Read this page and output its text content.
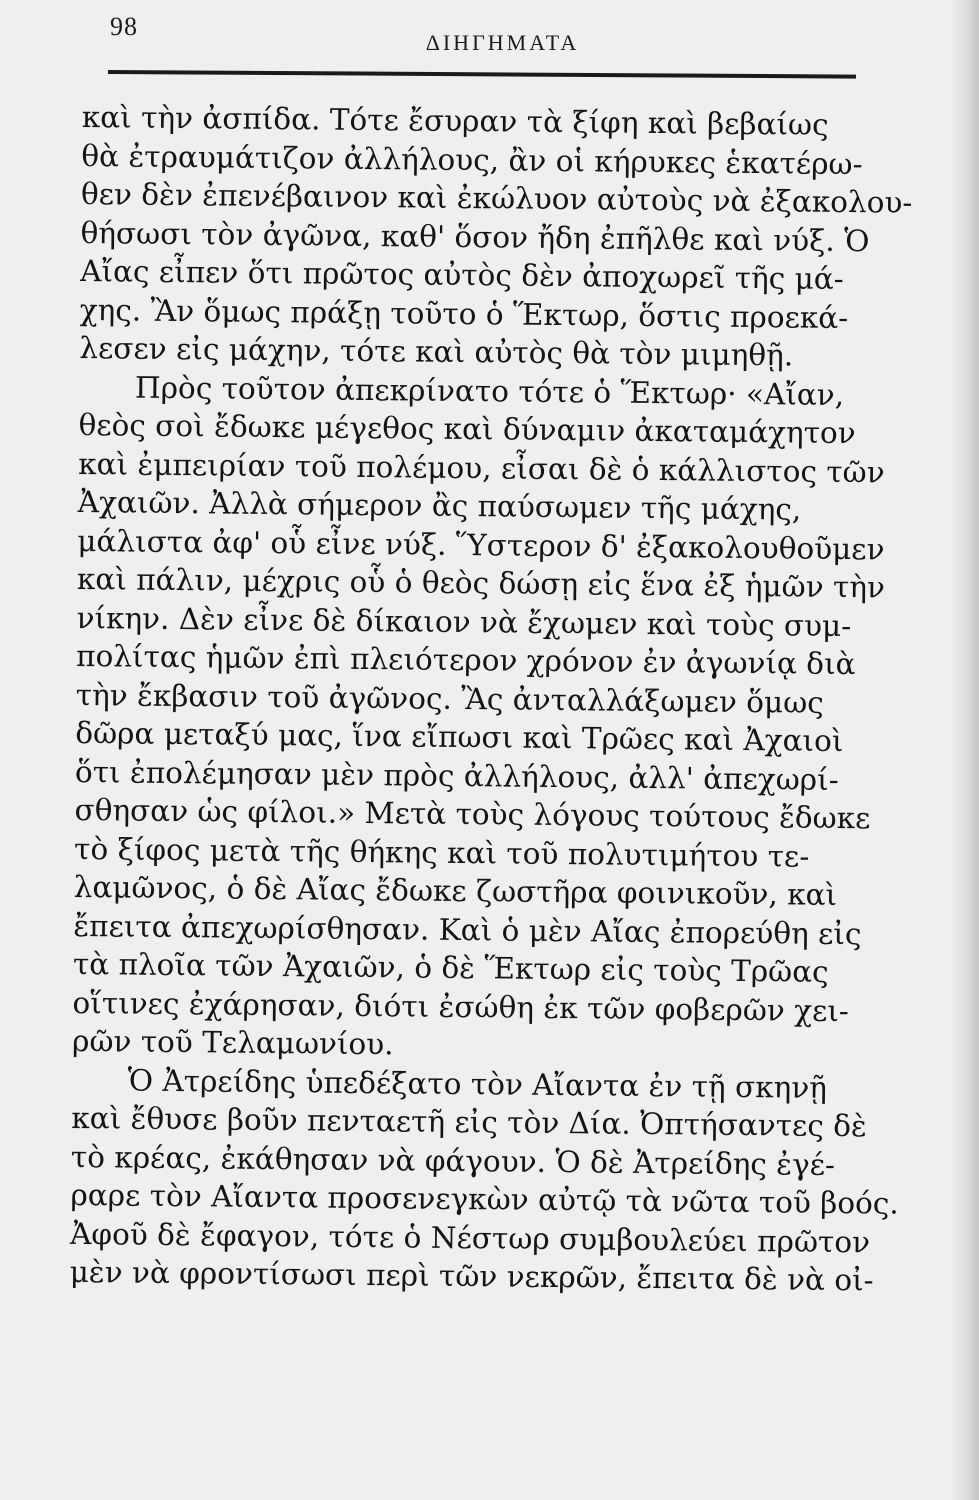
98
ΔΙΗΓΗΜΑΤΑ

καὶ τὴν ἀσπίδα. Τότε ἔσυραν τὰ ξίφη καὶ βεβαίως
θὰ ἐτραυμάτιζον ἀλλήλους, ἂν οἱ κήρυκες ἑκατέρω-
θεν δὲν ἐπενέβαινον καὶ ἐκώλυον αὐτοὺς νὰ ἐξακολου-
θήσωσι τὸν ἀγῶνα, καθ' ὅσον ἤδη ἐπῆλθε καὶ νύξ. Ὁ
Αἴας εἶπεν ὅτι πρῶτος αὐτὸς δὲν ἀποχωρεῖ τῆς μά-
χης. Ἂν ὅμως πράξῃ τοῦτο ὁ Ἕκτωρ, ὅστις προεκά-
λεσεν εἰς μάχην, τότε καὶ αὐτὸς θὰ τὸν μιμηθῇ.

Πρὸς τοῦτον ἀπεκρίνατο τότε ὁ Ἕκτωρ· «Αἴαν,
θεὸς σοὶ ἔδωκε μέγεθος καὶ δύναμιν ἀκαταμάχητον
καὶ ἐμπειρίαν τοῦ πολέμου, εἶσαι δὲ ὁ κάλλιστος τῶν
Ἀχαιῶν. Ἀλλὰ σήμερον ἂς παύσωμεν τῆς μάχης,
μάλιστα ἀφ' οὗ εἶνε νύξ. Ὕστερον δ' ἐξακολουθοῦμεν
καὶ πάλιν, μέχρις οὗ ὁ θεὸς δώσῃ εἰς ἕνα ἐξ ἡμῶν τὴν
νίκην. Δὲν εἶνε δὲ δίκαιον νὰ ἔχωμεν καὶ τοὺς συμ-
πολίτας ἡμῶν ἐπὶ πλειότερον χρόνον ἐν ἀγωνίᾳ διὰ
τὴν ἔκβασιν τοῦ ἀγῶνος. Ἂς ἀνταλλάξωμεν ὅμως
δῶρα μεταξύ μας, ἵνα εἴπωσι καὶ Τρῶες καὶ Ἀχαιοὶ
ὅτι ἐπολέμησαν μὲν πρὸς ἀλλήλους, ἀλλ' ἀπεχωρί-
σθησαν ὡς φίλοι.» Μετὰ τοὺς λόγους τούτους ἔδωκε
τὸ ξίφος μετὰ τῆς θήκης καὶ τοῦ πολυτιμήτου τε-
λαμῶνος, ὁ δὲ Αἴας ἔδωκε ζωστῆρα φοινικοῦν, καὶ
ἔπειτα ἀπεχωρίσθησαν. Καὶ ὁ μὲν Αἴας ἐπορεύθη εἰς
τὰ πλοῖα τῶν Ἀχαιῶν, ὁ δὲ Ἕκτωρ εἰς τοὺς Τρῶας
οἵτινες ἐχάρησαν, διότι ἐσώθη ἐκ τῶν φοβερῶν χει-
ρῶν τοῦ Τελαμωνίου.

Ὁ Ἀτρείδης ὑπεδέξατο τὸν Αἴαντα ἐν τῇ σκηνῇ
καὶ ἔθυσε βοῦν πενταετῆ εἰς τὸν Δία. Ὀπτήσαντες δὲ
τὸ κρέας, ἐκάθησαν νὰ φάγουν. Ὁ δὲ Ἀτρείδης ἐγέ-
ραρε τὸν Αἴαντα προσενεγκὼν αὐτῷ τὰ νῶτα τοῦ βοός.
Ἀφοῦ δὲ ἔφαγον, τότε ὁ Νέστωρ συμβουλεύει πρῶτον
μὲν νὰ φροντίσωσι περὶ τῶν νεκρῶν, ἔπειτα δὲ νὰ οἰ-
